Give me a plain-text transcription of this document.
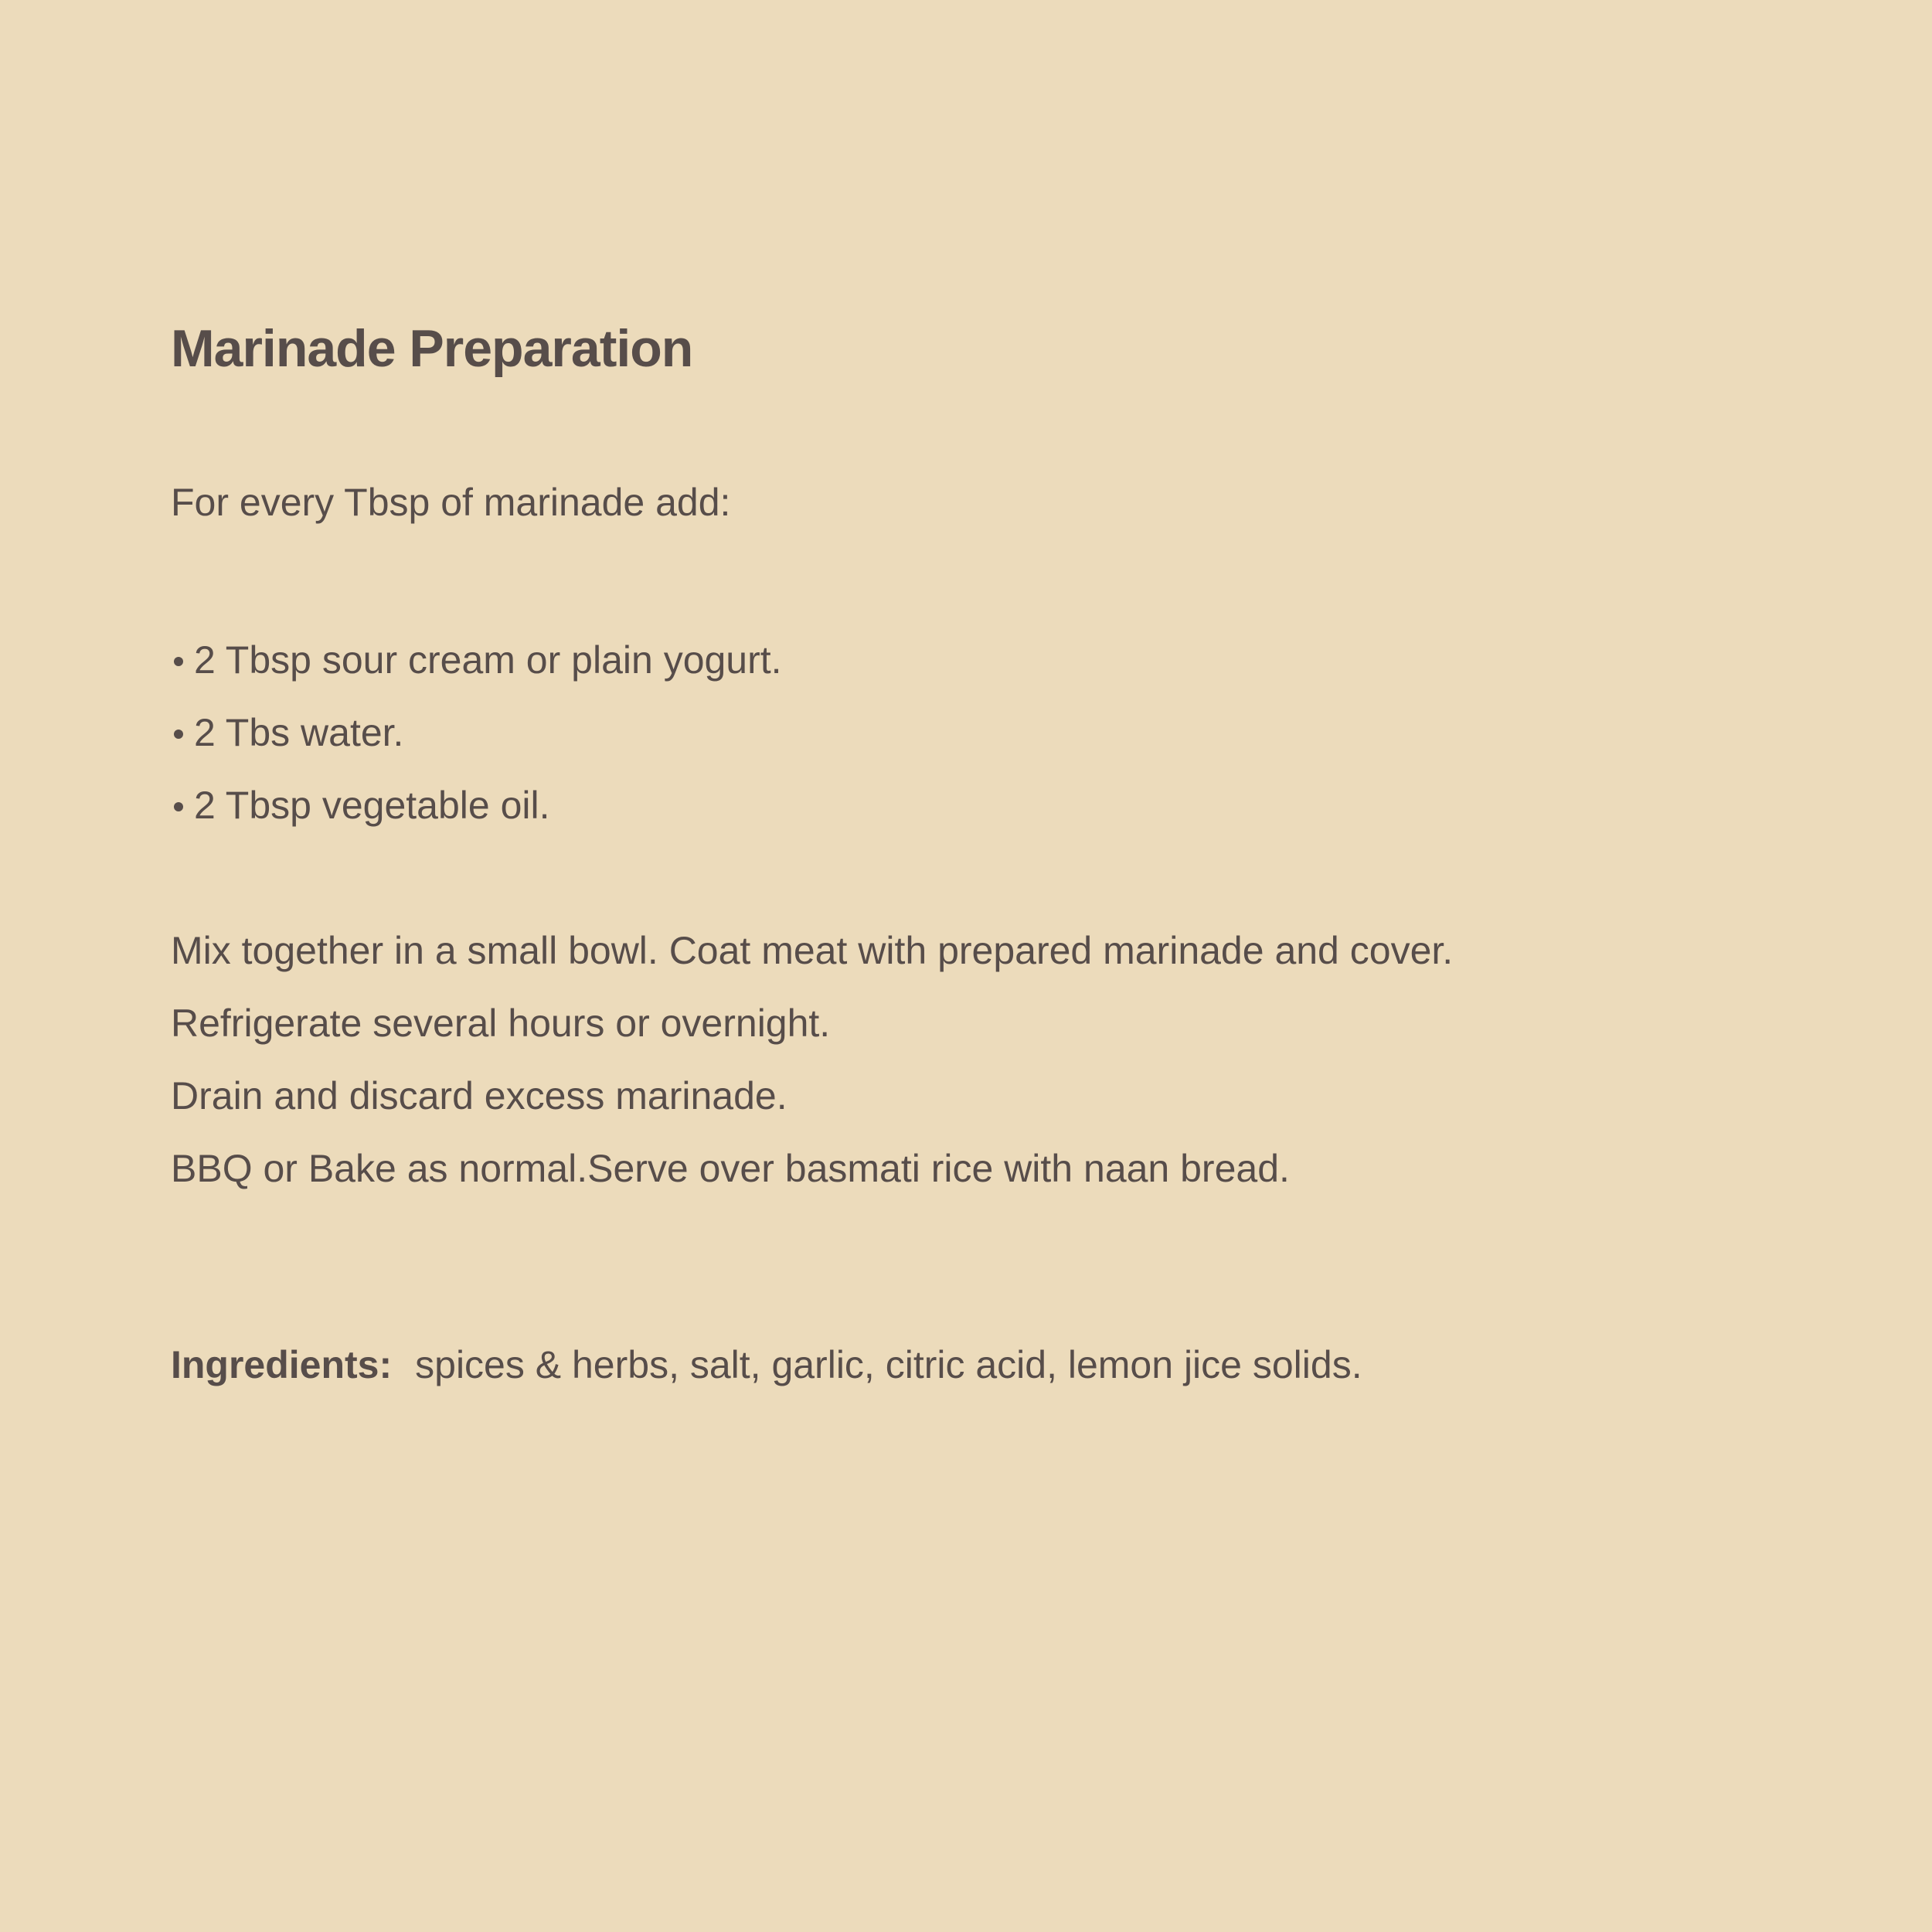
Marinade Preparation

For every Tbsp of marinade add:

2 Tbsp sour cream or plain yogurt.
2 Tbs water.
2 Tbsp vegetable oil.
Mix together in a small bowl. Coat meat with prepared marinade and cover.
Refrigerate several hours or overnight.
Drain and discard excess marinade.
BBQ or Bake as normal.Serve over basmati rice with naan bread.

Ingredients: spices & herbs, salt, garlic, citric acid, lemon jice solids.
